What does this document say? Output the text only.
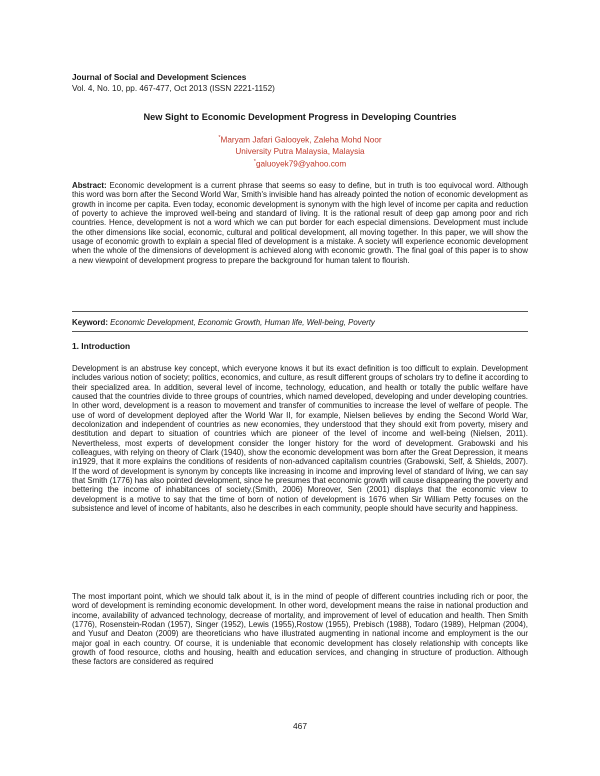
Journal of Social and Development Sciences
Vol. 4, No. 10, pp. 467-477, Oct 2013 (ISSN 2221-1152)
New Sight to Economic Development Progress in Developing Countries
*Maryam Jafari Galooyek, Zaleha Mohd Noor
University Putra Malaysia, Malaysia
*galuoyek79@yahoo.com
Abstract: Economic development is a current phrase that seems so easy to define, but in truth is too equivocal word. Although this word was born after the Second World War, Smith's invisible hand has already pointed the notion of economic development as growth in income per capita. Even today, economic development is synonym with the high level of income per capita and reduction of poverty to achieve the improved well-being and standard of living. It is the rational result of deep gap among poor and rich countries. Hence, development is not a word which we can put border for each especial dimensions. Development must include the other dimensions like social, economic, cultural and political development, all moving together. In this paper, we will show the usage of economic growth to explain a special filed of development is a mistake. A society will experience economic development when the whole of the dimensions of development is achieved along with economic growth. The final goal of this paper is to show a new viewpoint of development progress to prepare the background for human talent to flourish.
Keyword: Economic Development, Economic Growth, Human life, Well-being, Poverty
1. Introduction
Development is an abstruse key concept, which everyone knows it but its exact definition is too difficult to explain. Development includes various notion of society; politics, economics, and culture, as result different groups of scholars try to define it according to their specialized area. In addition, several level of income, technology, education, and health or totally the public welfare have caused that the countries divide to three groups of countries, which named developed, developing and under developing countries. In other word, development is a reason to movement and transfer of communities to increase the level of welfare of people. The use of word of development deployed after the World War II, for example, Nielsen believes by ending the Second World War, decolonization and independent of countries as new economies, they understood that they should exit from poverty, misery and destitution and depart to situation of countries which are pioneer of the level of income and well-being (Nielsen, 2011). Nevertheless, most experts of development consider the longer history for the word of development. Grabowski and his colleagues, with relying on theory of Clark (1940), show the economic development was born after the Great Depression, it means in1929, that it more explains the conditions of residents of non-advanced capitalism countries (Grabowski, Self, & Shields, 2007). If the word of development is synonym by concepts like increasing in income and improving level of standard of living, we can say that Smith (1776) has also pointed development, since he presumes that economic growth will cause disappearing the poverty and bettering the income of inhabitances of society.(Smith, 2006) Moreover, Sen (2001) displays that the economic view to development is a motive to say that the time of born of notion of development is 1676 when Sir William Petty focuses on the subsistence and level of income of habitants, also he describes in each community, people should have security and happiness.
The most important point, which we should talk about it, is in the mind of people of different countries including rich or poor, the word of development is reminding economic development. In other word, development means the raise in national production and income, availability of advanced technology, decrease of mortality, and improvement of level of education and health. Then Smith (1776), Rosenstein-Rodan (1957), Singer (1952), Lewis (1955),Rostow (1955), Prebisch (1988), Todaro (1989), Helpman (2004), and Yusuf and Deaton (2009) are theoreticians who have illustrated augmenting in national income and employment is the our major goal in each country. Of course, it is undeniable that economic development has closely relationship with concepts like growth of food resource, cloths and housing, health and education services, and changing in structure of production. Although these factors are considered as required
467
